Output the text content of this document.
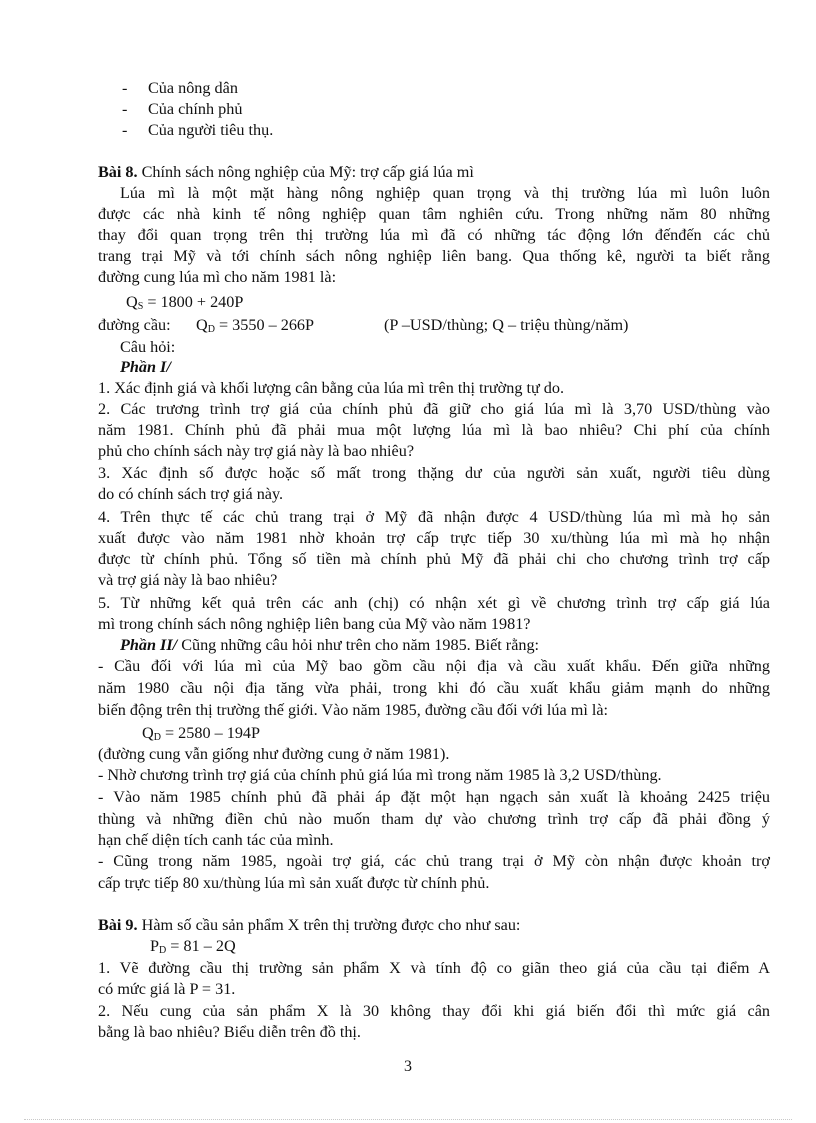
- Của nông dân
- Của chính phủ
- Của người tiêu thụ.
Bài 8. Chính sách nông nghiệp của Mỹ: trợ cấp giá lúa mì
Lúa mì là một mặt hàng nông nghiệp quan trọng và thị trường lúa mì luôn luôn
được các nhà kinh tế nông nghiệp quan tâm nghiên cứu. Trong những năm 80 những
thay đổi quan trọng trên thị trường lúa mì đã có những tác động lớn đếnđến các chủ
trang trại Mỹ và tới chính sách nông nghiệp liên bang. Qua thống kê, người ta biết rằng
đường cung lúa mì cho năm 1981 là:
$Q_S = 1800 + 240P$
đường cầu: $Q_D = 3550 - 266P$	(P –USD/thùng; Q – triệu thùng/năm)
Câu hỏi:
Phần I/
1. Xác định giá và khối lượng cân bằng của lúa mì trên thị trường tự do.
2. Các trương trình trợ giá của chính phủ đã giữ cho giá lúa mì là 3,70 USD/thùng vào
năm 1981. Chính phủ đã phải mua một lượng lúa mì là bao nhiêu? Chi phí của chính
phủ cho chính sách này trợ giá này là bao nhiêu?
3. Xác định số được hoặc số mất trong thặng dư của người sản xuất, người tiêu dùng
do có chính sách trợ giá này.
4. Trên thực tế các chủ trang trại ở Mỹ đã nhận được 4 USD/thùng lúa mì mà họ sản
xuất được vào năm 1981 nhờ khoản trợ cấp trực tiếp 30 xu/thùng lúa mì mà họ nhận
được từ chính phủ. Tổng số tiền mà chính phủ Mỹ đã phải chi cho chương trình trợ cấp
và trợ giá này là bao nhiêu?
5. Từ những kết quả trên các anh (chị) có nhận xét gì về chương trình trợ cấp giá lúa
mì trong chính sách nông nghiệp liên bang của Mỹ vào năm 1981?
Phần II/ Cũng những câu hỏi như trên cho năm 1985. Biết rằng:
- Cầu đối với lúa mì của Mỹ bao gồm cầu nội địa và cầu xuất khẩu. Đến giữa những
năm 1980 cầu nội địa tăng vừa phải, trong khi đó cầu xuất khẩu giảm mạnh do những
biến động trên thị trường thế giới. Vào năm 1985, đường cầu đối với lúa mì là:
$Q_D = 2580 - 194P$
(đường cung vẫn giống như đường cung ở năm 1981).
- Nhờ chương trình trợ giá của chính phủ giá lúa mì trong năm 1985 là 3,2 USD/thùng.
- Vào năm 1985 chính phủ đã phải áp đặt một hạn ngạch sản xuất là khoảng 2425 triệu
thùng và những điền chủ nào muốn tham dự vào chương trình trợ cấp đã phải đồng ý
hạn chế diện tích canh tác của mình.
- Cũng trong năm 1985, ngoài trợ giá, các chủ trang trại ở Mỹ còn nhận được khoản trợ
cấp trực tiếp 80 xu/thùng lúa mì sản xuất được từ chính phủ.
Bài 9. Hàm số cầu sản phẩm X trên thị trường được cho như sau:
$P_D = 81 - 2Q$
1. Vẽ đường cầu thị trường sản phẩm X và tính độ co giãn theo giá của cầu tại điểm A
có mức giá là P = 31.
2. Nếu cung của sản phẩm X là 30 không thay đổi khi giá biến đổi thì mức giá cân
bằng là bao nhiêu? Biểu diễn trên đồ thị.
3
